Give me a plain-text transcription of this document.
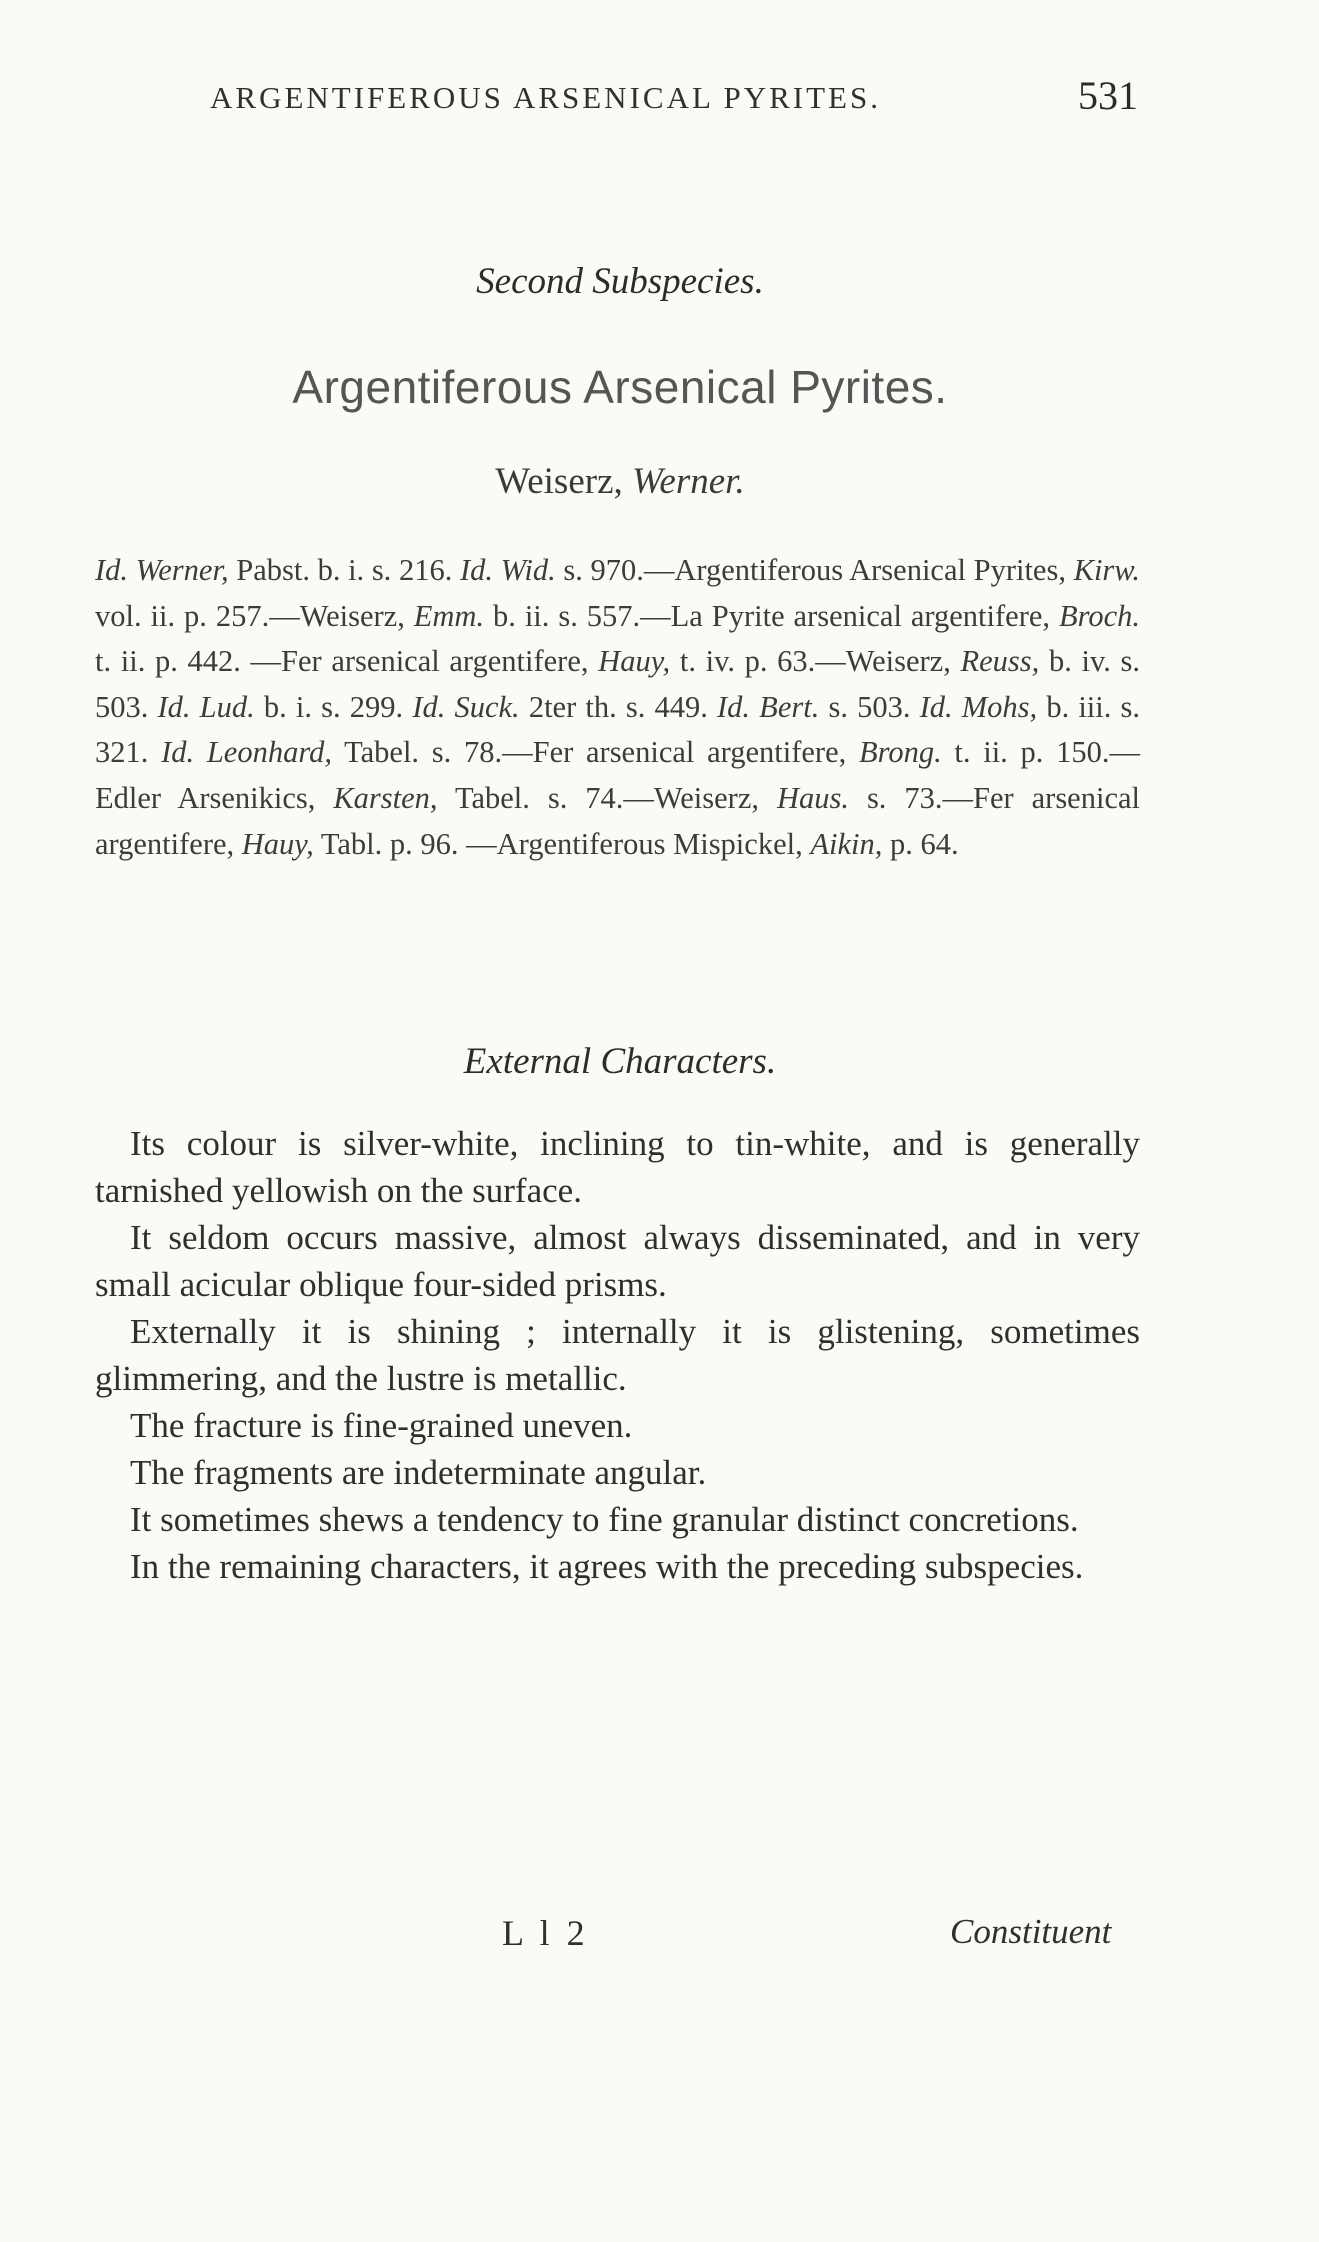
ARGENTIFEROUS ARSENICAL PYRITES.	531
Second Subspecies.
Argentiferous Arsenical Pyrites.
Weiserz, Werner.
Id. Werner, Pabst. b. i. s. 216. Id. Wid. s. 970.—Argentiferous Arsenical Pyrites, Kirw. vol. ii. p. 257.—Weiserz, Emm. b. ii. s. 557.—La Pyrite arsenical argentifere, Broch. t. ii. p. 442. —Fer arsenical argentifere, Hauy, t. iv. p. 63.—Weiserz, Reuss, b. iv. s. 503. Id. Lud. b. i. s. 299. Id. Suck. 2ter th. s. 449. Id. Bert. s. 503. Id. Mohs, b. iii. s. 321. Id. Leonhard, Tabel. s. 78.—Fer arsenical argentifere, Brong. t. ii. p. 150.—Edler Arsenikics, Karsten, Tabel. s. 74.—Weiserz, Haus. s. 73.—Fer arsenical argentifere, Hauy, Tabl. p. 96. —Argentiferous Mispickel, Aikin, p. 64.
External Characters.

Its colour is silver-white, inclining to tin-white, and is generally tarnished yellowish on the surface.

It seldom occurs massive, almost always disseminated, and in very small acicular oblique four-sided prisms.

Externally it is shining ; internally it is glistening, sometimes glimmering, and the lustre is metallic.

The fracture is fine-grained uneven.

The fragments are indeterminate angular.

It sometimes shews a tendency to fine granular distinct concretions.

In the remaining characters, it agrees with the preceding subspecies.

L l 2	Constituent
